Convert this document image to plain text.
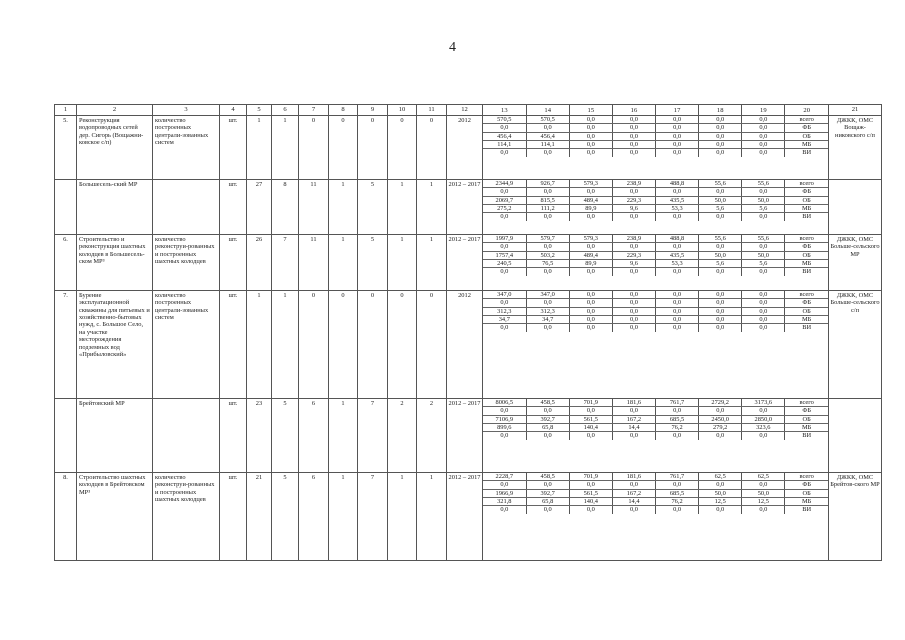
4
1	2	3	4	5	6	7	8	9	10	11	12		13	14	15	16	17	18	19	20
		21
5.	Реконструкция водопроводных сетей дер. Сигорь (Вощажни-ковское с/п)	количество построенных централи-зованных систем	шт.	1	1	0	0	0	0	0	2012		570,5	570,5	0,0	0,0	0,0	0,0	0,0	всего
0,0	0,0	0,0	0,0	0,0	0,0	0,0	ФБ
456,4	456,4	0,0	0,0	0,0	0,0	0,0	ОБ
114,1	114,1	0,0	0,0	0,0	0,0	0,0	МБ
0,0	0,0	0,0	0,0	0,0	0,0	0,0	ВИ
	ДЖКК, ОМС Вощаж-никовского с/п
	Большесель-ский МР		шт.	27	8	11	1	5	1	1	2012 – 2017	2344,9	926,7	579,3	238,9	488,8	55,6	55,6	всего
0,0	0,0	0,0	0,0	0,0	0,0	0,0	ФБ
2069,7	815,5	489,4	229,3	435,5	50,0	50,0	ОБ
275,2	111,2	89,9	9,6	53,3	5,6	5,6	МБ
0,0	0,0	0,0	0,0	0,0	0,0	0,0	ВИ

6.	Строительство и реконструкция шахтных колодцев в Большесель-ском МР³	количество реконструи-рованных и построенных шахтных колодцев	шт.	26	7	11	1	5	1	1	2012 – 2017	1997,9	579,7	579,3	238,9	488,8	55,6	55,6	всего
0,0	0,0	0,0	0,0	0,0	0,0	0,0	ФБ
1757,4	503,2	489,4	229,3	435,5	50,0	50,0	ОБ
240,5	76,5	89,9	9,6	53,3	5,6	5,6	МБ
0,0	0,0	0,0	0,0	0,0	0,0	0,0	ВИ
	ДЖКК, ОМС Больше-сельского МР
7.	Бурение эксплуатационной скважины для питьевых и хозяйственно-бытовых нужд, с. Большое Село, на участке месторождения подземных вод «Прибыловский»	количество построенных централи-зованных систем	шт.	1	1	0	0	0	0	0	2012		347,0	347,0	0,0	0,0	0,0	0,0	0,0	всего
0,0	0,0	0,0	0,0	0,0	0,0	0,0	ФБ
312,3	312,3	0,0	0,0	0,0	0,0	0,0	ОБ
34,7	34,7	0,0	0,0	0,0	0,0	0,0	МБ
0,0	0,0	0,0	0,0	0,0	0,0	0,0	ВИ
	ДЖКК, ОМС Больше-сельского с/п
	Брейтовский МР		шт.	23	5	6	1	7	2	2	2012 – 2017	8006,5	458,5	701,9	181,6	761,7	2729,2	3173,6	всего
0,0	0,0	0,0	0,0	0,0	0,0	0,0	ФБ
7106,9	392,7	561,5	167,2	685,5	2450,0	2850,0	ОБ
899,6	65,8	140,4	14,4	76,2	279,2	323,6	МБ
0,0	0,0	0,0	0,0	0,0	0,0	0,0	ВИ

8.	Строительство шахтных колодцев в Брейтовском МР³	количество реконструи-рованных и построенных шахтных колодцев	шт.	21	5	6	1	7	1	1	2012 – 2017	2228,7	458,5	701,9	181,6	761,7	62,5	62,5	всего
0,0	0,0	0,0	0,0	0,0	0,0	0,0	ФБ
1966,9	392,7	561,5	167,2	685,5	50,0	50,0	ОБ
321,8	65,8	140,4	14,4	76,2	12,5	12,5	МБ
0,0	0,0	0,0	0,0	0,0	0,0	0,0	ВИ
	ДЖКК, ОМС Брейтов-ского МР
